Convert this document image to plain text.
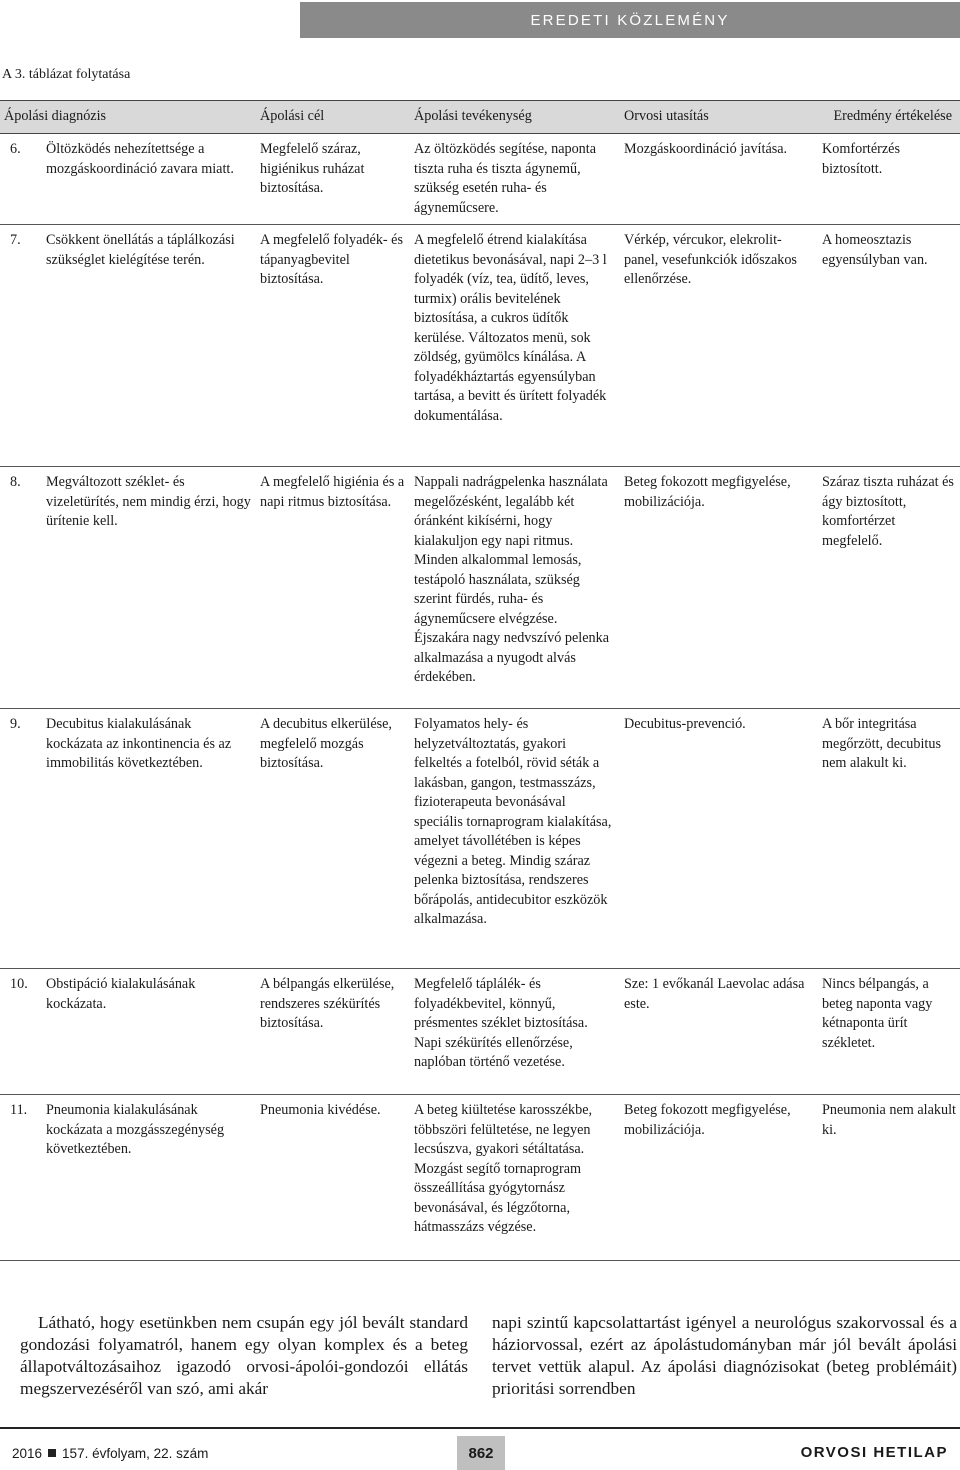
EREDETI KÖZLEMÉNY
A 3. táblázat folytatása
Ápolási diagnózis	Ápolási cél	Ápolási tevékenység	Orvosi utasítás	Eredmény értékelése
6. Öltözködés nehezítettsége a mozgáskoordináció zavara miatt.	Megfelelő száraz, higiénikus ruházat biztosítása.	Az öltözködés segítése, naponta tiszta ruha és tiszta ágynemű, szükség esetén ruha- és ágyneműcsere.	Mozgáskoordináció javítása.	Komfortérzés biztosított.
7. Csökkent önellátás a táplálkozási szükséglet kielégítése terén.	A megfelelő folyadék- és tápanyagbevitel biztosítása.	A megfelelő étrend kialakítása dietetikus bevonásával, napi 2–3 l folyadék (víz, tea, üdítő, leves, turmix) orális bevitelének biztosítása, a cukros üdítők kerülése. Változatos menü, sok zöldség, gyümölcs kínálása. A folyadékháztartás egyensúlyban tartása, a bevitt és ürített folyadék dokumentálása.	Vérkép, vércukor, elekrolit-panel, vesefunkciók időszakos ellenőrzése.	A homeosztazis egyensúlyban van.
8. Megváltozott széklet- és vizeletürítés, nem mindig érzi, hogy ürítenie kell.	A megfelelő higiénia és a napi ritmus biztosítása.	Nappali nadrágpelenka használata megelőzésként, legalább két óránként kikísérni, hogy kialakuljon egy napi ritmus. Minden alkalommal lemosás, testápoló használata, szükség szerint fürdés, ruha- és ágyneműcsere elvégzése. Éjszakára nagy nedvszívó pelenka alkalmazása a nyugodt alvás érdekében.	Beteg fokozott megfigyelése, mobilizációja.	Száraz tiszta ruházat és ágy biztosított, komfortérzet megfelelő.
9. Decubitus kialakulásának kockázata az inkontinencia és az immobilitás következtében.	A decubitus elkerülése, megfelelő mozgás biztosítása.	Folyamatos hely- és helyzetváltoztatás, gyakori felkeltés a fotelból, rövid séták a lakásban, gangon, testmasszázs, fizioterapeuta bevonásával speciális tornaprogram kialakítása, amelyet távollétében is képes végezni a beteg. Mindig száraz pelenka biztosítása, rendszeres bőrápolás, antidecubitor eszközök alkalmazása.	Decubitus-prevenció.	A bőr integritása megőrzött, decubitus nem alakult ki.
10. Obstipáció kialakulásának kockázata.	A bélpangás elkerülése, rendszeres székürítés biztosítása.	Megfelelő táplálék- és folyadékbevitel, könnyű, présmentes széklet biztosítása. Napi székürítés ellenőrzése, naplóban történő vezetése.	Sze: 1 evőkanál Laevolac adása este.	Nincs bélpangás, a beteg naponta vagy kétnaponta ürít székletet.
11. Pneumonia kialakulásának kockázata a mozgásszegénység következtében.	Pneumonia kivédése.	A beteg kiültetése karosszékbe, többszöri felültetése, ne legyen lecsúszva, gyakori sétáltatása. Mozgást segítő tornaprogram összeállítása gyógytornász bevonásával, és légzőtorna, hátmasszázs végzése.	Beteg fokozott megfigyelése, mobilizációja.	Pneumonia nem alakult ki.
Látható, hogy esetünkben nem csupán egy jól bevált standard gondozási folyamatról, hanem egy olyan komplex és a beteg állapotváltozásaihoz igazodó orvosi-ápolói-gondozói ellátás megszervezéséről van szó, ami akár
napi szintű kapcsolattartást igényel a neurológus szakorvossal és a háziorvossal, ezért az ápolástudományban már jól bevált ápolási tervet vettük alapul. Az ápolási diagnózisokat (beteg problémáit) prioritási sorrendben
2016 157. évfolyam, 22. szám	862	ORVOSI HETILAP
